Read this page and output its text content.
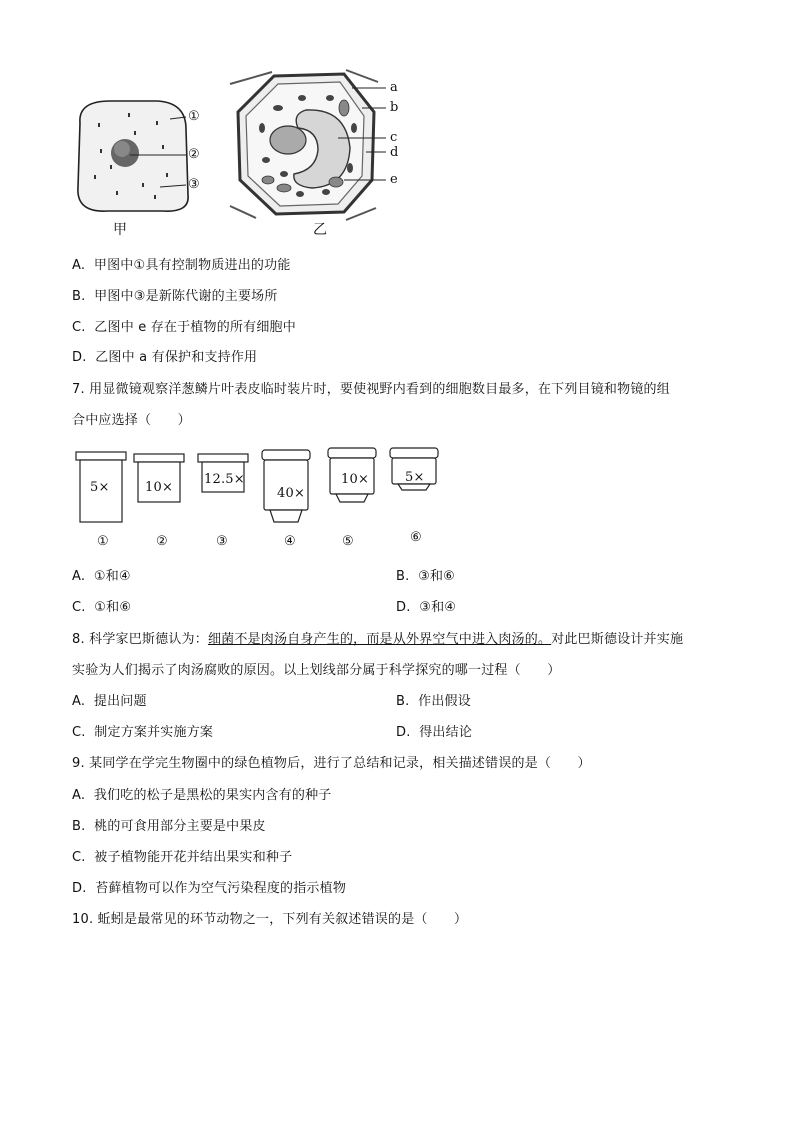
①
②
③
甲
a
b
c
d
e
乙
A. 甲图中①具有控制物质进出的功能
B. 甲图中③是新陈代谢的主要场所
C. 乙图中 e 存在于植物的所有细胞中
D. 乙图中 a 有保护和支持作用
7. 用显微镜观察洋葱鳞片叶表皮临时装片时，要使视野内看到的细胞数目最多，在下列目镜和物镜的组
合中应选择（　　）
5×	10×
12.5×
40×
10×	5×
①	②	③	④	⑤	⑥
A. ①和④	B. ③和⑥
C. ①和⑥	D. ③和④
8. 科学家巴斯德认为：细菌不是肉汤自身产生的，而是从外界空气中进入肉汤的。对此巴斯德设计并实施
实验为人们揭示了肉汤腐败的原因。以上划线部分属于科学探究的哪一过程（　　）
A. 提出问题	B. 作出假设
C. 制定方案并实施方案	D. 得出结论
9. 某同学在学完生物圈中的绿色植物后，进行了总结和记录，相关描述错误的是（　　）
A. 我们吃的松子是黑松的果实内含有的种子
B. 桃的可食用部分主要是中果皮
C. 被子植物能开花并结出果实和种子
D. 苔藓植物可以作为空气污染程度的指示植物
10. 蚯蚓是最常见的环节动物之一，下列有关叙述错误的是（　　）
